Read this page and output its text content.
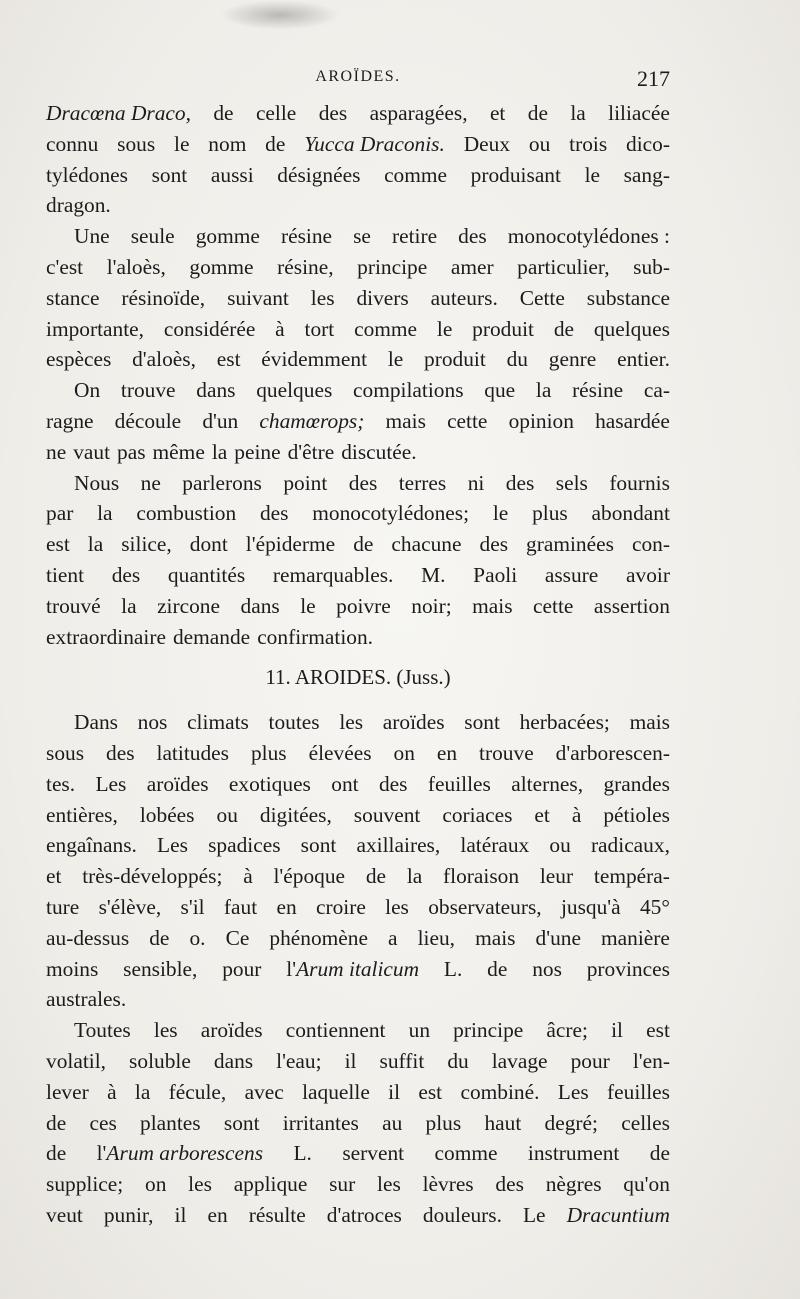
AROÏDES.	217
Dracœna Draco, de celle des asparagées, et de la liliacée
connu sous le nom de Yucca Draconis. Deux ou trois dico-
tylédones sont aussi désignées comme produisant le sang-
dragon.
Une seule gomme résine se retire des monocotylédones :
c'est l'aloès, gomme résine, principe amer particulier, sub-
stance résinoïde, suivant les divers auteurs. Cette substance
importante, considérée à tort comme le produit de quelques
espèces d'aloès, est évidemment le produit du genre entier.
On trouve dans quelques compilations que la résine ca-
ragne découle d'un chamœrops; mais cette opinion hasardée
ne vaut pas même la peine d'être discutée.
Nous ne parlerons point des terres ni des sels fournis
par la combustion des monocotylédones; le plus abondant
est la silice, dont l'épiderme de chacune des graminées con-
tient des quantités remarquables. M. Paoli assure avoir
trouvé la zircone dans le poivre noir; mais cette assertion
extraordinaire demande confirmation.
11. AROIDES. (Juss.)
Dans nos climats toutes les aroïdes sont herbacées; mais
sous des latitudes plus élevées on en trouve d'arborescen-
tes. Les aroïdes exotiques ont des feuilles alternes, grandes
entières, lobées ou digitées, souvent coriaces et à pétioles
engaînans. Les spadices sont axillaires, latéraux ou radicaux,
et très-développés; à l'époque de la floraison leur tempéra-
ture s'élève, s'il faut en croire les observateurs, jusqu'à 45°
au-dessus de o. Ce phénomène a lieu, mais d'une manière
moins sensible, pour l'Arum italicum L. de nos provinces
australes.
Toutes les aroïdes contiennent un principe âcre; il est
volatil, soluble dans l'eau; il suffit du lavage pour l'en-
lever à la fécule, avec laquelle il est combiné. Les feuilles
de ces plantes sont irritantes au plus haut degré; celles
de l'Arum arborescens L. servent comme instrument de
supplice; on les applique sur les lèvres des nègres qu'on
veut punir, il en résulte d'atroces douleurs. Le Dracuntium
